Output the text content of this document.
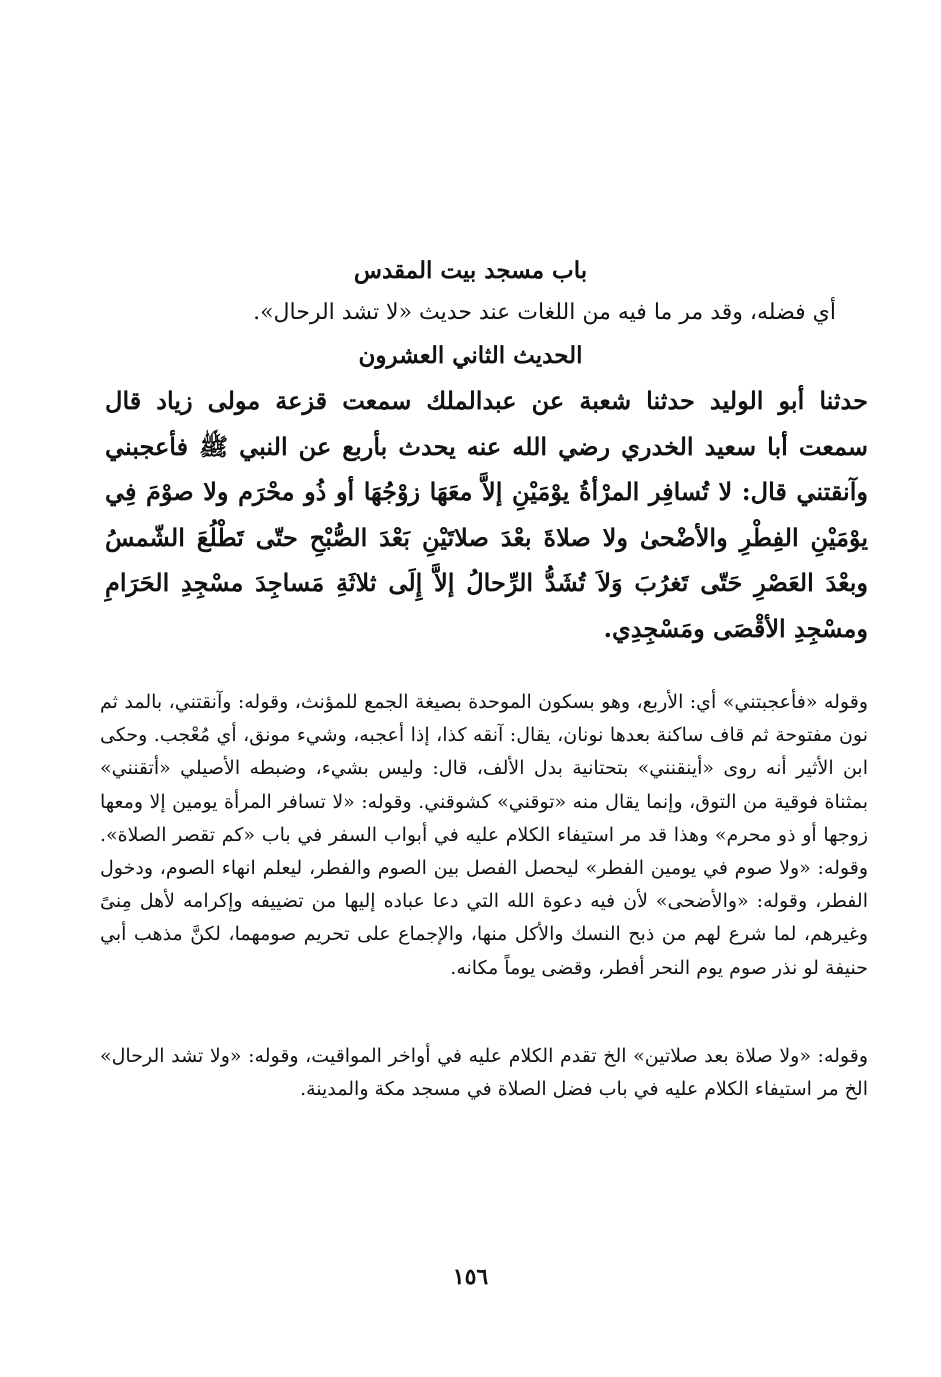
باب مسجد بيت المقدس
أي فضله، وقد مر ما فيه من اللغات عند حديث «لا تشد الرحال».
الحديث الثاني العشرون
حدثنا أبو الوليد حدثنا شعبة عن عبدالملك سمعت قزعة مولى زياد قال سمعت أبا سعيد الخدري رضي الله عنه يحدث بأربع عن النبي ﷺ فأعجبني وآنقتني قال: لا تُسافِر المرْأةُ يوْمَيْنِ إلاَّ معَهَا زوْجُهَا أو ذُو محْرَم ولا صوْمَ فِي يوْمَيْنِ الفِطْرِ والأضْحىٰ ولا صلاةَ بعْدَ صلاتَيْنِ بَعْدَ الصُّبْحِ حتّى تَطْلُعَ الشّمسُ وبعْدَ العَصْرِ حَتّى تَغرُبَ وَلاَ تُشَدُّ الرِّحالُ إلاَّ إِلَى ثلاثَةِ مَساجِدَ مسْجِدِ الحَرَامِ ومسْجِدِ الأقْصَى ومَسْجِدِي.

وقوله «فأعجبتني» أي: الأربع، وهو بسكون الموحدة بصيغة الجمع للمؤنث، وقوله: وآنقتني، بالمد ثم نون مفتوحة ثم قاف ساكنة بعدها نونان، يقال: آنقه كذا، إذا أعجبه، وشيء مونق، أي مُعْجب. وحكى ابن الأثير أنه روى «أينقنني» بتحتانية بدل الألف، قال: وليس بشيء، وضبطه الأصيلي «أتقنني» بمثناة فوقية من التوق، وإنما يقال منه «توقني» كشوقني. وقوله: «لا تسافر المرأة يومين إلا ومعها زوجها أو ذو محرم» وهذا قد مر استيفاء الكلام عليه في أبواب السفر في باب «كم تقصر الصلاة». وقوله: «ولا صوم في يومين الفطر» ليحصل الفصل بين الصوم والفطر، ليعلم انهاء الصوم، ودخول الفطر، وقوله: «والأضحى» لأن فيه دعوة الله التي دعا عباده إليها من تضييفه وإكرامه لأهل مِنىً وغيرهم، لما شرع لهم من ذبح النسك والأكل منها، والإجماع على تحريم صومهما، لكنَّ مذهب أبي حنيفة لو نذر صوم يوم النحر أفطر، وقضى يوماً مكانه.

وقوله: «ولا صلاة بعد صلاتين» الخ تقدم الكلام عليه في أواخر المواقيت، وقوله: «ولا تشد الرحال» الخ مر استيفاء الكلام عليه في باب فضل الصلاة في مسجد مكة والمدينة.

١٥٦
